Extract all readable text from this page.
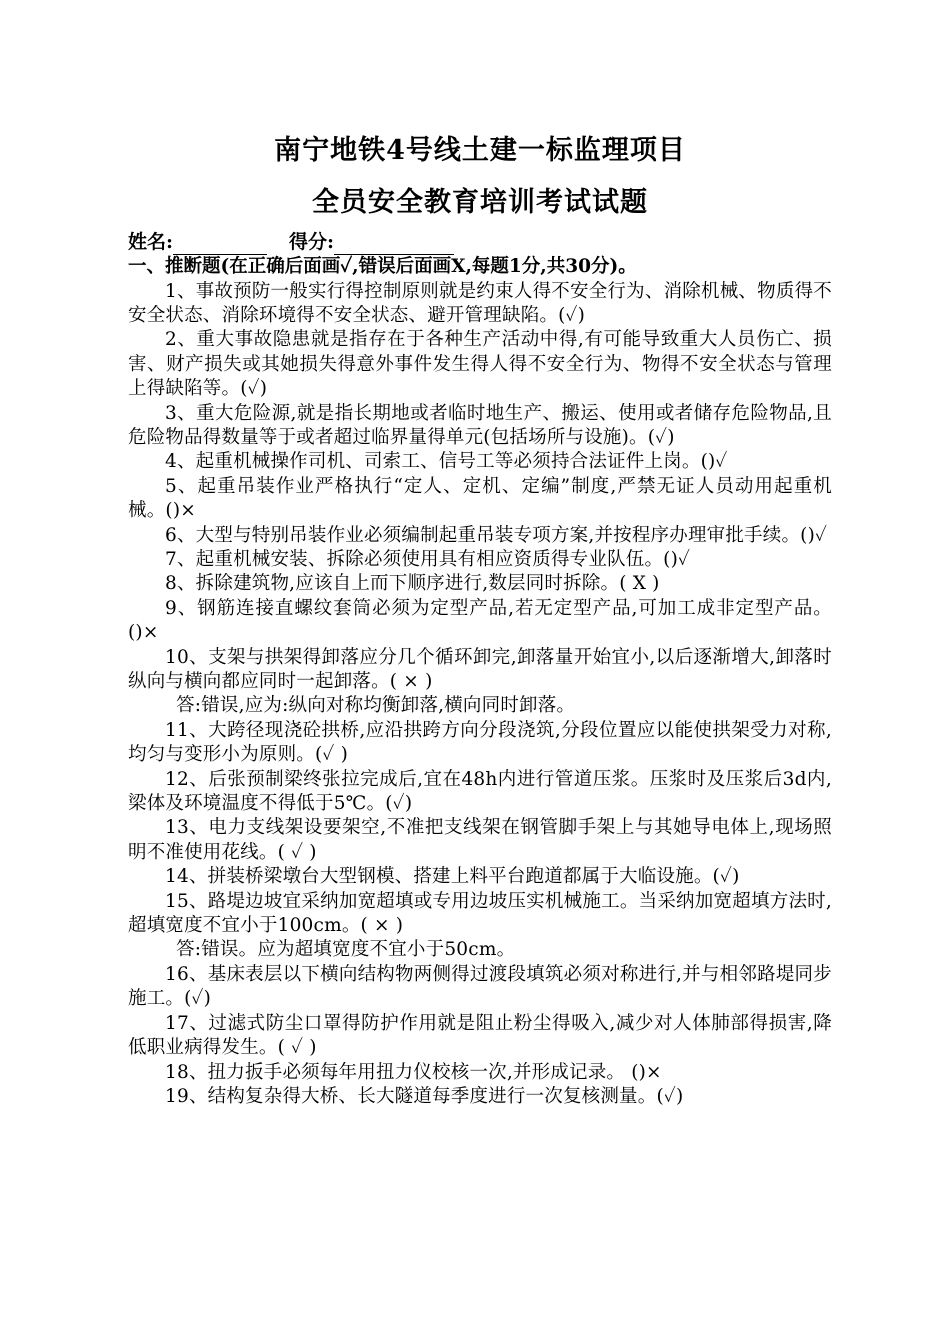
南宁地铁4号线土建一标监理项目
全员安全教育培训考试试题
姓名:	得分:
一、推断题(在正确后面画✓,错误后面画X,每题1分,共30分)。

1、事故预防一般实行得控制原则就是约束人得不安全行为、消除机械、物质得不安全状态、消除环境得不安全状态、避开管理缺陷。(✓)

2、重大事故隐患就是指存在于各种生产活动中得,有可能导致重大人员伤亡、损害、财产损失或其她损失得意外事件发生得人得不安全行为、物得不安全状态与管理上得缺陷等。(✓)

3、重大危险源,就是指长期地或者临时地生产、搬运、使用或者储存危险物品,且危险物品得数量等于或者超过临界量得单元(包括场所与设施)。(✓)

4、起重机械操作司机、司索工、信号工等必须持合法证件上岗。()✓

5、起重吊装作业严格执行“定人、定机、定编”制度,严禁无证人员动用起重机械。()×

6、大型与特别吊装作业必须编制起重吊装专项方案,并按程序办理审批手续。()✓

7、起重机械安装、拆除必须使用具有相应资质得专业队伍。()✓

8、拆除建筑物,应该自上而下顺序进行,数层同时拆除。( X )

9、钢筋连接直螺纹套筒必须为定型产品,若无定型产品,可加工成非定型产品。()×

10、支架与拱架得卸落应分几个循环卸完,卸落量开始宜小,以后逐渐增大,卸落时纵向与横向都应同时一起卸落。( × )

答:错误,应为:纵向对称均衡卸落,横向同时卸落。

11、大跨径现浇砼拱桥,应沿拱跨方向分段浇筑,分段位置应以能使拱架受力对称,均匀与变形小为原则。(✓ )

12、后张预制梁终张拉完成后,宜在48h内进行管道压浆。压浆时及压浆后3d内,梁体及环境温度不得低于5℃。(✓)

13、电力支线架设要架空,不准把支线架在钢管脚手架上与其她导电体上,现场照明不准使用花线。( ✓ )

14、拼装桥梁墩台大型钢模、搭建上料平台跑道都属于大临设施。(✓)

15、路堤边坡宜采纳加宽超填或专用边坡压实机械施工。当采纳加宽超填方法时,超填宽度不宜小于100cm。( × )

答:错误。应为超填宽度不宜小于50cm。

16、基床表层以下横向结构物两侧得过渡段填筑必须对称进行,并与相邻路堤同步施工。(✓)

17、过滤式防尘口罩得防护作用就是阻止粉尘得吸入,减少对人体肺部得损害,降低职业病得发生。( ✓ )

18、扭力扳手必须每年用扭力仪校核一次,并形成记录。 ()×

19、结构复杂得大桥、长大隧道每季度进行一次复核测量。(✓)
